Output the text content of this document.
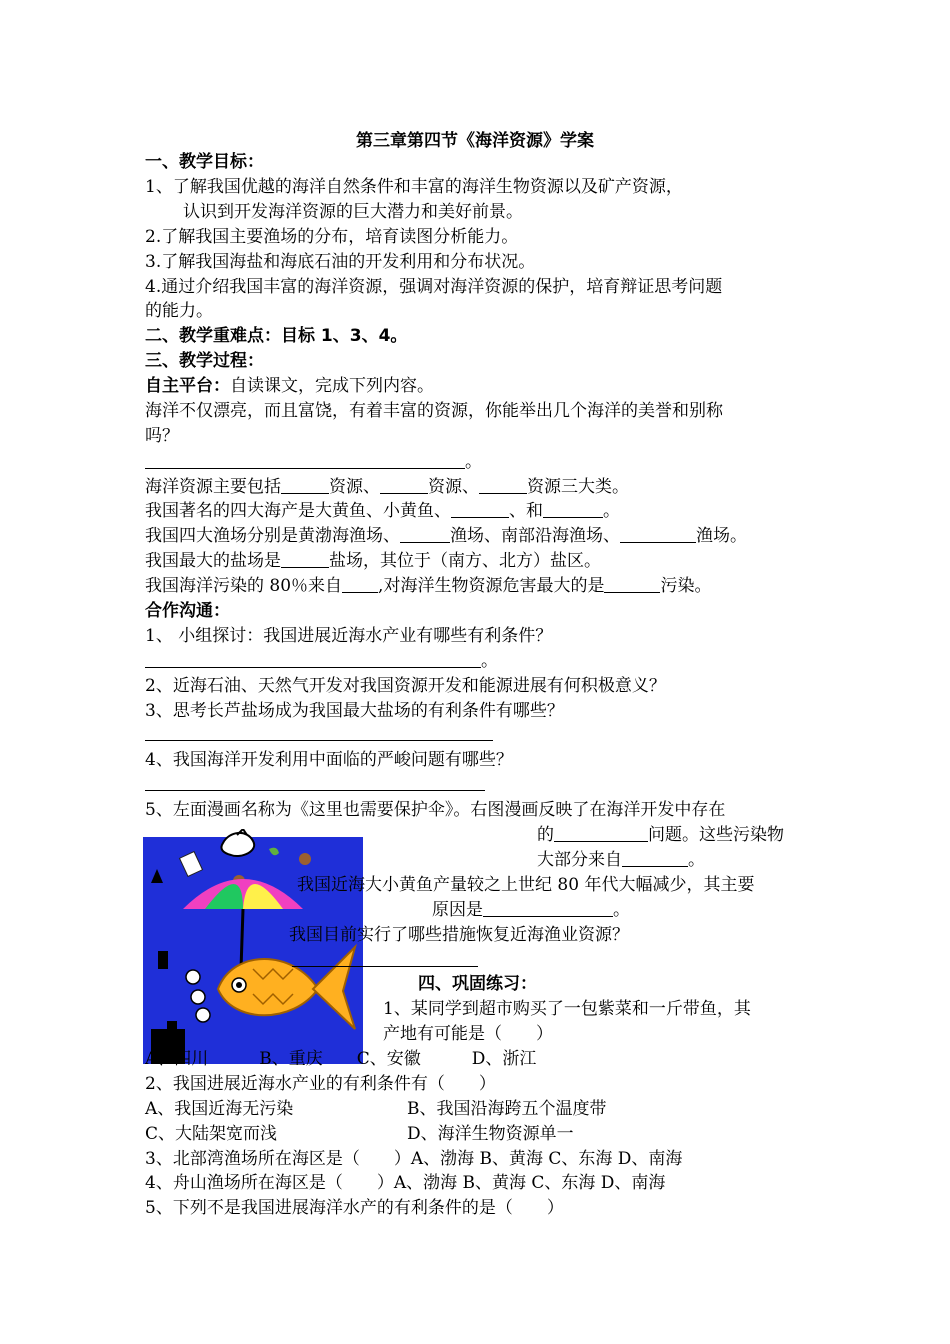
第三章第四节《海洋资源》学案
一、教学目标：
1、了解我国优越的海洋自然条件和丰富的海洋生物资源以及矿产资源，
认识到开发海洋资源的巨大潜力和美好前景。
2.了解我国主要渔场的分布，培育读图分析能力。
3.了解我国海盐和海底石油的开发利用和分布状况。
4.通过介绍我国丰富的海洋资源，强调对海洋资源的保护，培育辩证思考问题
的能力。
二、教学重难点：目标 1、3、4。
三、教学过程：
自主平台：自读课文，完成下列内容。
海洋不仅漂亮，而且富饶，有着丰富的资源，你能举出几个海洋的美誉和别称
吗？
。
海洋资源主要包括	资源、	资源、	资源三大类。
我国著名的四大海产是大黄鱼、小黄鱼、	、和	。
我国四大渔场分别是黄渤海渔场、	渔场、南部沿海渔场、	渔场。
我国最大的盐场是	盐场，其位于（南方、北方）盐区。
我国海洋污染的 80％来自 ,对海洋生物资源危害最大的是	污染。
合作沟通：
1、 小组探讨：我国进展近海水产业有哪些有利条件？
。
2、近海石油、天然气开发对我国资源开发和能源进展有何积极意义？
3、思考长芦盐场成为我国最大盐场的有利条件有哪些？
4、我国海洋开发利用中面临的严峻问题有哪些？
5、左面漫画名称为《这里也需要保护伞》。右图漫画反映了在海洋开发中存在
的	问题。这些污染物
大部分来自	。
我国近海大小黄鱼产量较之上世纪 80 年代大幅减少，其主要
原因是	。
我国目前实行了哪些措施恢复近海渔业资源？
四、巩固练习：
1、某同学到超市购买了一包紫菜和一斤带鱼，其
产地有可能是（　　）
A、四川　　　B、重庆　　C、安徽　　　D、浙江
2、我国进展近海水产业的有利条件有（　　）
A、我国近海无污染	B、我国沿海跨五个温度带
C、大陆架宽而浅	D、海洋生物资源单一
3、北部湾渔场所在海区是（　　）A、渤海 B、黄海 C、东海 D、南海
4、舟山渔场所在海区是（　　）A、渤海 B、黄海 C、东海 D、南海
5、下列不是我国进展海洋水产的有利条件的是（　　）
